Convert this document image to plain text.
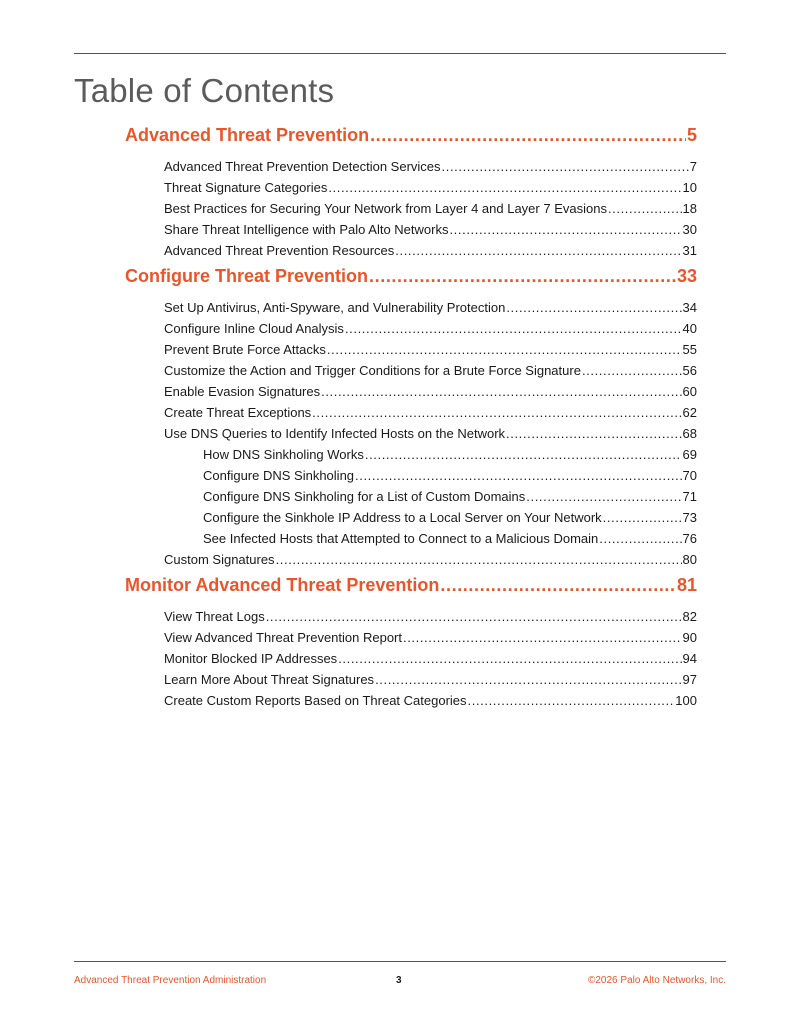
Table of Contents
Advanced Threat Prevention .....	5
Advanced Threat Prevention Detection Services .....	7
Threat Signature Categories .....	10
Best Practices for Securing Your Network from Layer 4 and Layer 7 Evasions .....	18
Share Threat Intelligence with Palo Alto Networks .....	30
Advanced Threat Prevention Resources .....	31
Configure Threat Prevention .....	33
Set Up Antivirus, Anti-Spyware, and Vulnerability Protection .....	34
Configure Inline Cloud Analysis .....	40
Prevent Brute Force Attacks .....	55
Customize the Action and Trigger Conditions for a Brute Force Signature .....	56
Enable Evasion Signatures .....	60
Create Threat Exceptions .....	62
Use DNS Queries to Identify Infected Hosts on the Network .....	68
How DNS Sinkholing Works .....	69
Configure DNS Sinkholing .....	70
Configure DNS Sinkholing for a List of Custom Domains .....	71
Configure the Sinkhole IP Address to a Local Server on Your Network .....	73
See Infected Hosts that Attempted to Connect to a Malicious Domain .....	76
Custom Signatures .....	80
Monitor Advanced Threat Prevention .....	81
View Threat Logs .....	82
View Advanced Threat Prevention Report .....	90
Monitor Blocked IP Addresses .....	94
Learn More About Threat Signatures .....	97
Create Custom Reports Based on Threat Categories .....	100
Advanced Threat Prevention Administration	3	©2026 Palo Alto Networks, Inc.
